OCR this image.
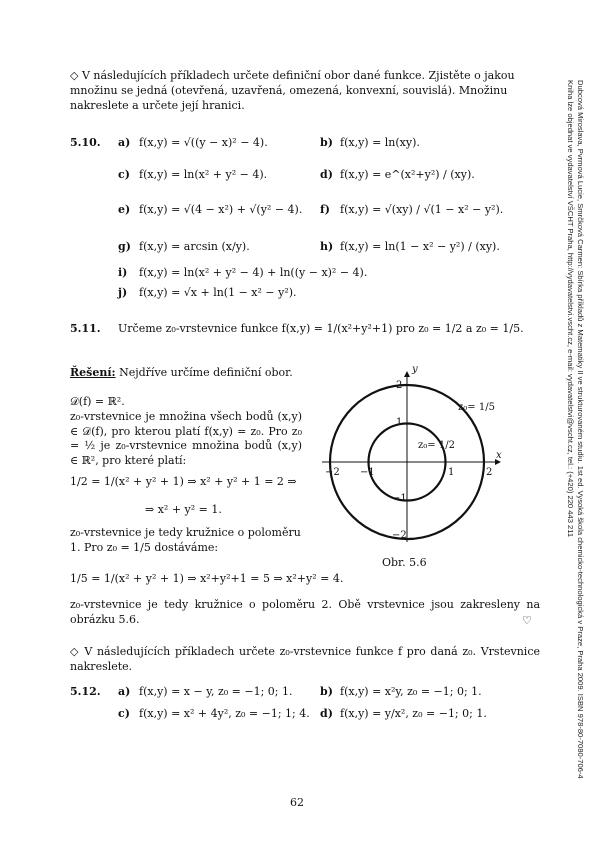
Dubcová Miroslava, Pvrmová Lucie, Smrčková Carmen: Sbírka příkladů z Matematiky II ve strukturovaném studiu. 1st ed. Vysoká škola chemicko-technologická v Praze, Praha 2009. ISBN 978-80-7080-706-4
Kniha lze objednat ve vydavatelství VŠCHT Praha, http://vydavatelstvi.vscht.cz, e-mail: vydavatelstvi@vscht.cz, tel.: (+420) 220 443 211
◇ V následujících příkladech určete definiční obor dané funkce. Zjistěte o jakou množinu se jedná (otevřená, uzavřená, omezená, konvexní, souvislá). Množinu nakreslete a určete její hranici.
5.10. a) f(x,y) = √((y − x)² − 4).	b) f(x,y) = ln(xy).
c) f(x,y) = ln(x² + y² − 4).	d) f(x,y) = e^(x²+y²) / (xy).
e) f(x,y) = √(4 − x²) + √(y² − 4). f) f(x,y) = √(xy) / √(1 − x² − y²).
g) f(x,y) = arcsin (x/y).	h) f(x,y) = ln(1 − x² − y²) / (xy).
i) f(x,y) = ln(x² + y² − 4) + ln((y − x)² − 4).
j) f(x,y) = √x + ln(1 − x² − y²).
5.11. Určeme z₀-vrstevnice funkce f(x,y) = 1/(x²+y²+1) pro z₀ = 1/2 a z₀ = 1/5.
Řešení: Nejdříve určíme definiční obor.
𝒟(f) = ℝ².
z₀-vrstevnice je množina všech bodů (x,y) ∈ 𝒟(f), pro kterou platí f(x,y) = z₀. Pro z₀ = ½ je z₀-vrstevnice množina bodů (x,y) ∈ ℝ², pro které platí:
1/2 = 1/(x² + y² + 1) ⇒ x² + y² + 1 = 2 ⇒
⇒ x² + y² = 1.
z₀-vrstevnice je tedy kružnice o poloměru 1. Pro z₀ = 1/5 dostáváme:
1/5 = 1/(x² + y² + 1) ⇒ x²+y²+1 = 5 ⇒ x²+y² = 4.
z₀-vrstevnice je tedy kružnice o poloměru 2. Obě vrstevnice jsou zakresleny na obrázku 5.6.	♡
x
y
−2 −1	1	2
2
1
−1
−2
z₀= 1/5
z₀= 1/2
Obr. 5.6
◇ V následujících příkladech určete z₀-vrstevnice funkce f pro daná z₀. Vrstevnice nakreslete.
5.12. a) f(x,y) = x − y, z₀ = −1; 0; 1.	b) f(x,y) = x²y, z₀ = −1; 0; 1.
c) f(x,y) = x² + 4y², z₀ = −1; 1; 4. d) f(x,y) = y/x², z₀ = −1; 0; 1.
62
